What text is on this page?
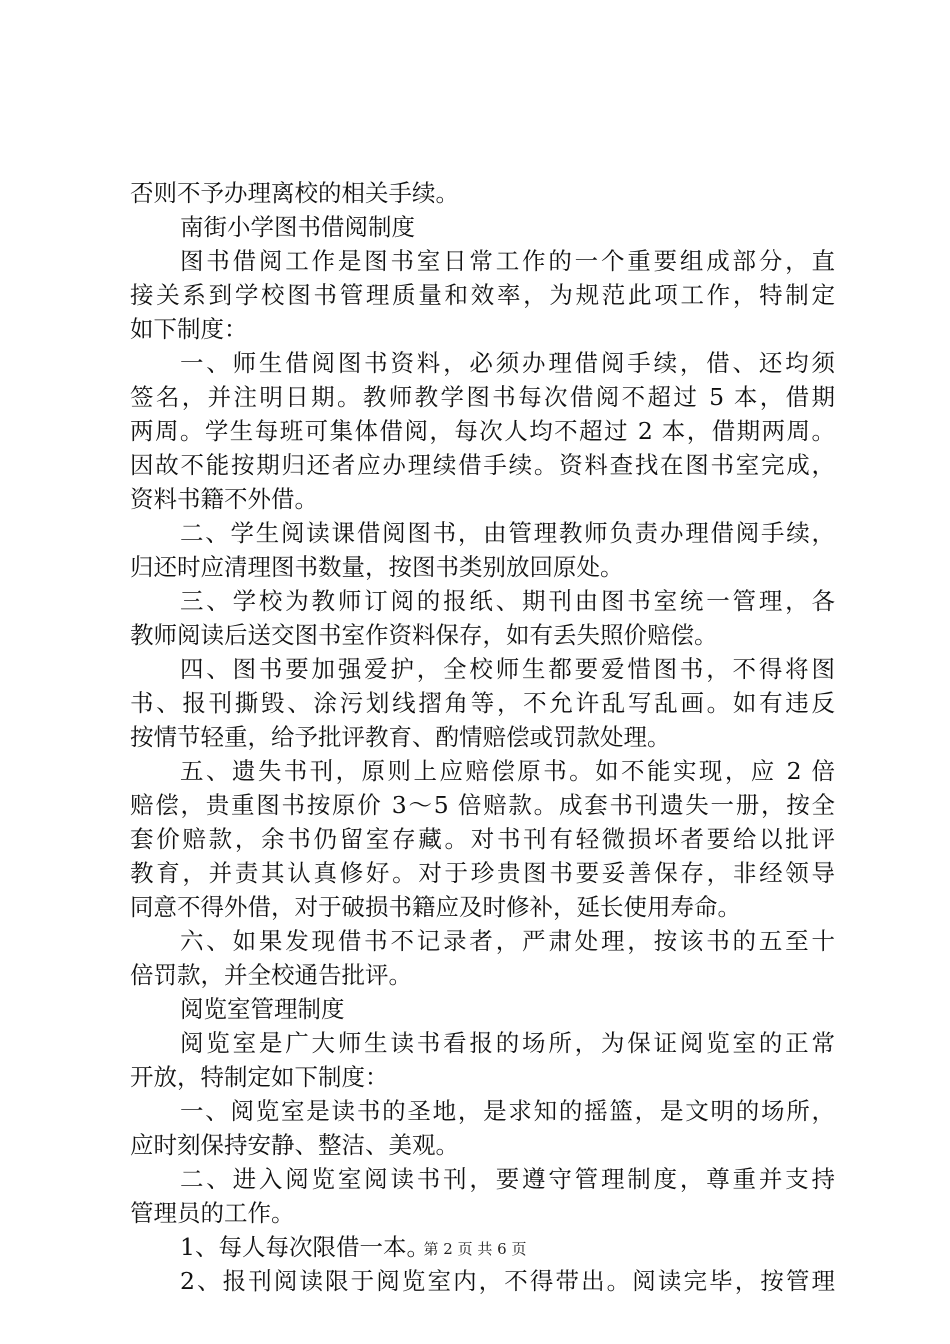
否则不予办理离校的相关手续。
南街小学图书借阅制度
图书借阅工作是图书室日常工作的一个重要组成部分，直
接关系到学校图书管理质量和效率，为规范此项工作，特制定
如下制度：
一、师生借阅图书资料，必须办理借阅手续，借、还均须
签名，并注明日期。教师教学图书每次借阅不超过 5 本，借期
两周。学生每班可集体借阅，每次人均不超过 2 本，借期两周。
因故不能按期归还者应办理续借手续。资料查找在图书室完成，
资料书籍不外借。
二、学生阅读课借阅图书，由管理教师负责办理借阅手续，
归还时应清理图书数量，按图书类别放回原处。
三、学校为教师订阅的报纸、期刊由图书室统一管理，各
教师阅读后送交图书室作资料保存，如有丢失照价赔偿。
四、图书要加强爱护，全校师生都要爱惜图书，不得将图
书、报刊撕毁、涂污划线摺角等，不允许乱写乱画。如有违反
按情节轻重，给予批评教育、酌情赔偿或罚款处理。
五、遗失书刊，原则上应赔偿原书。如不能实现，应 2 倍
赔偿，贵重图书按原价 3～5 倍赔款。成套书刊遗失一册，按全
套价赔款，余书仍留室存藏。对书刊有轻微损坏者要给以批评
教育，并责其认真修好。对于珍贵图书要妥善保存，非经领导
同意不得外借，对于破损书籍应及时修补，延长使用寿命。
六、如果发现借书不记录者，严肃处理，按该书的五至十
倍罚款，并全校通告批评。
阅览室管理制度
阅览室是广大师生读书看报的场所，为保证阅览室的正常
开放，特制定如下制度：
一、阅览室是读书的圣地，是求知的摇篮，是文明的场所，
应时刻保持安静、整洁、美观。
二、进入阅览室阅读书刊，要遵守管理制度，尊重并支持
管理员的工作。
1、每人每次限借一本。
2、报刊阅读限于阅览室内，不得带出。阅读完毕，按管理
第 2 页 共 6 页
